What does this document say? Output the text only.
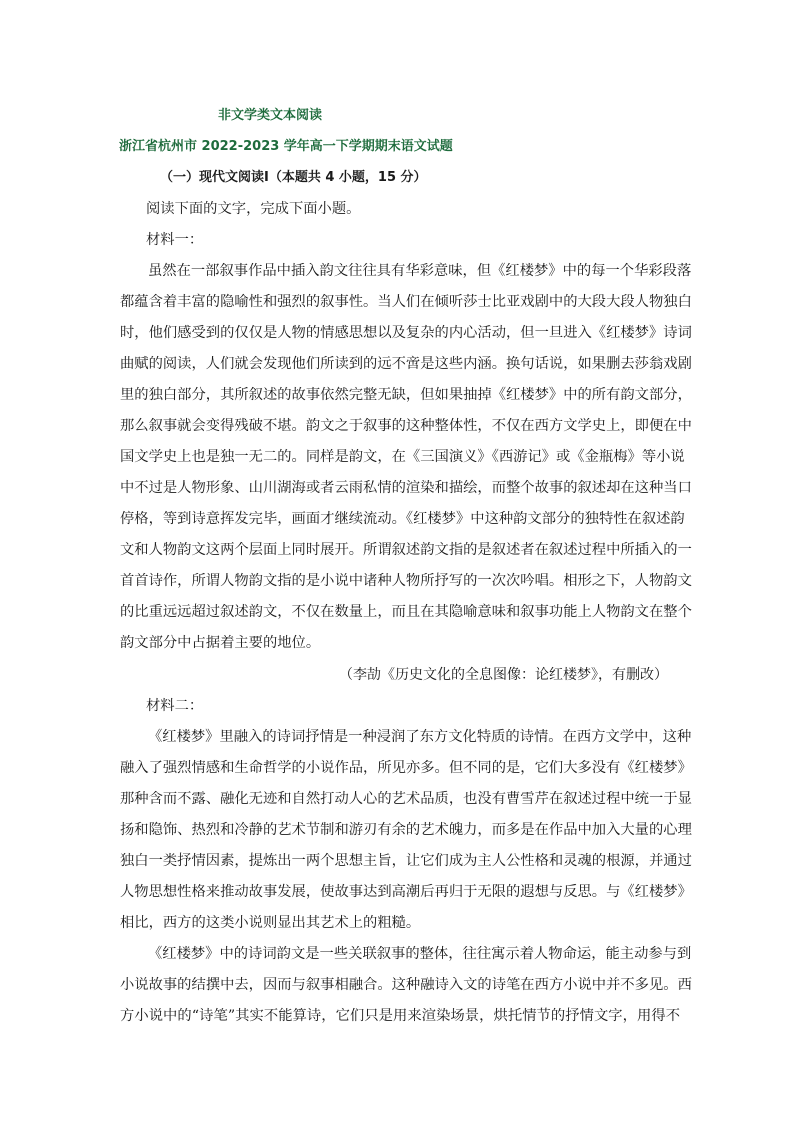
非文学类文本阅读
浙江省杭州市 2022-2023 学年高一下学期期末语文试题
（一）现代文阅读Ⅰ（本题共 4 小题，15 分）
阅读下面的文字，完成下面小题。
材料一：
虽然在一部叙事作品中插入韵文往往具有华彩意味，但《红楼梦》中的每一个华彩段落
都蕴含着丰富的隐喻性和强烈的叙事性。当人们在倾听莎士比亚戏剧中的大段大段人物独白
时，他们感受到的仅仅是人物的情感思想以及复杂的内心活动，但一旦进入《红楼梦》诗词
曲赋的阅读，人们就会发现他们所读到的远不啻是这些内涵。换句话说，如果删去莎翁戏剧
里的独白部分，其所叙述的故事依然完整无缺，但如果抽掉《红楼梦》中的所有韵文部分，
那么叙事就会变得残破不堪。韵文之于叙事的这种整体性，不仅在西方文学史上，即便在中
国文学史上也是独一无二的。同样是韵文，在《三国演义》《西游记》或《金瓶梅》等小说
中不过是人物形象、山川湖海或者云雨私情的渲染和描绘，而整个故事的叙述却在这种当口
停格，等到诗意挥发完毕，画面才继续流动。《红楼梦》中这种韵文部分的独特性在叙述韵
文和人物韵文这两个层面上同时展开。所谓叙述韵文指的是叙述者在叙述过程中所插入的一
首首诗作，所谓人物韵文指的是小说中诸种人物所抒写的一次次吟唱。相形之下，人物韵文
的比重远远超过叙述韵文，不仅在数量上，而且在其隐喻意味和叙事功能上人物韵文在整个
韵文部分中占据着主要的地位。
（李劼《历史文化的全息图像：论红楼梦》，有删改）
材料二：
《红楼梦》里融入的诗词抒情是一种浸润了东方文化特质的诗情。在西方文学中，这种
融入了强烈情感和生命哲学的小说作品，所见亦多。但不同的是，它们大多没有《红楼梦》
那种含而不露、融化无迹和自然打动人心的艺术品质，也没有曹雪芹在叙述过程中统一于显
扬和隐饰、热烈和冷静的艺术节制和游刃有余的艺术魄力，而多是在作品中加入大量的心理
独白一类抒情因素，提炼出一两个思想主旨，让它们成为主人公性格和灵魂的根源，并通过
人物思想性格来推动故事发展，使故事达到高潮后再归于无限的遐想与反思。与《红楼梦》
相比，西方的这类小说则显出其艺术上的粗糙。
《红楼梦》中的诗词韵文是一些关联叙事的整体，往往寓示着人物命运，能主动参与到
小说故事的结撰中去，因而与叙事相融合。这种融诗入文的诗笔在西方小说中并不多见。西
方小说中的“诗笔”其实不能算诗，它们只是用来渲染场景，烘托情节的抒情文字，用得不
